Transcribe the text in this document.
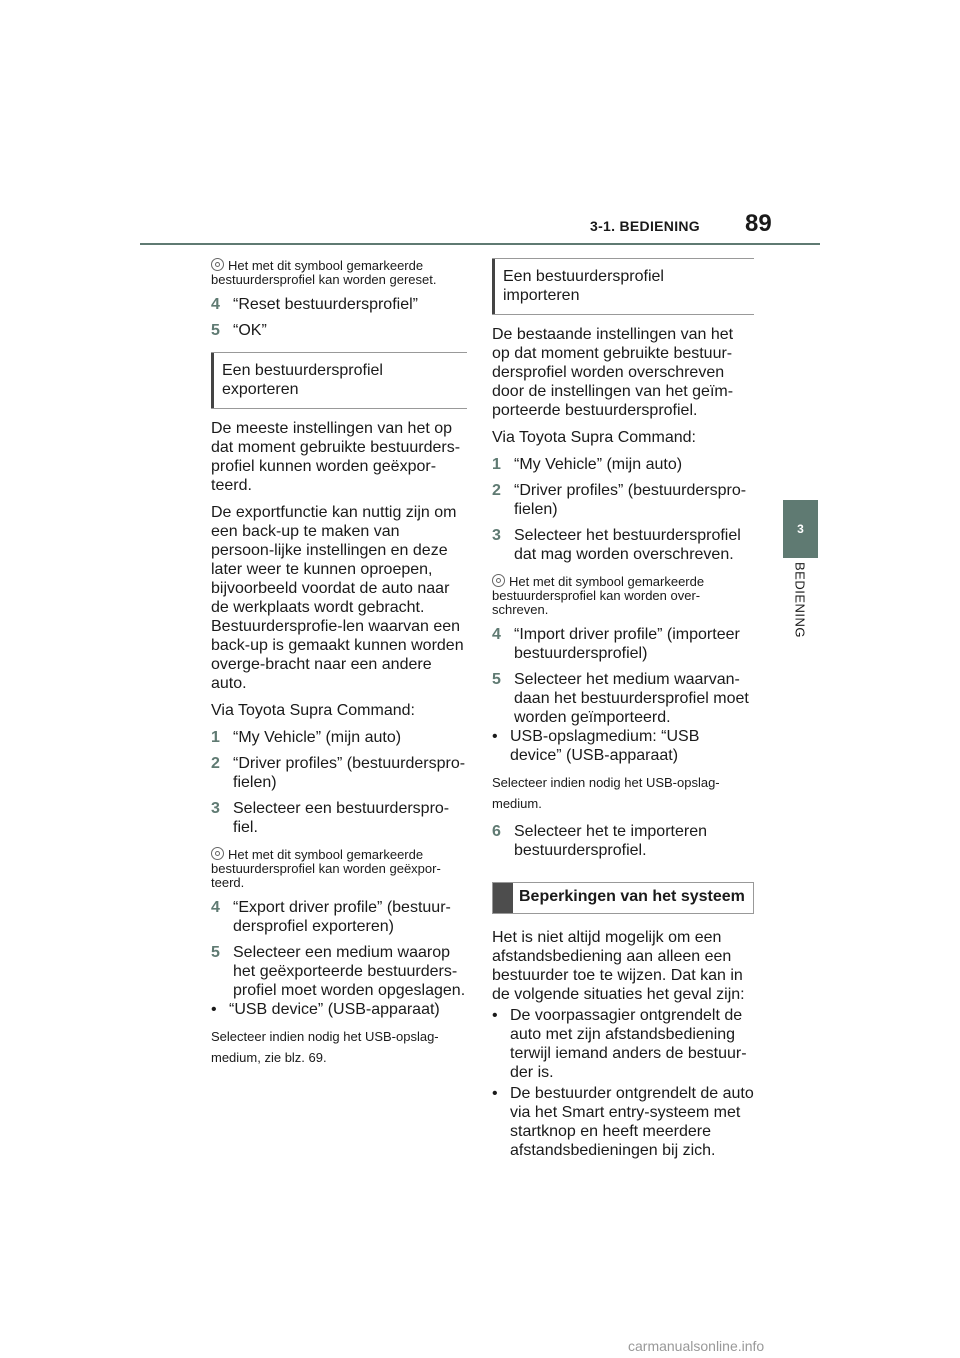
3-1. BEDIENING 89
3
BEDIENING

Het met dit symbool gemarkeerde bestuurdersprofiel kan worden gereset.

4 “Reset bestuurdersprofiel”
5 “OK”
Een bestuurdersprofiel exporteren

De meeste instellingen van het op dat moment gebruikte bestuurders-profiel kunnen worden geëxpor-teerd.

De exportfunctie kan nuttig zijn om een back-up te maken van persoon-lijke instellingen en deze later weer te kunnen oproepen, bijvoorbeeld voordat de auto naar de werkplaats wordt gebracht. Bestuurdersprofie-len waarvan een back-up is gemaakt kunnen worden overge-bracht naar een andere auto.

Via Toyota Supra Command:

1 “My Vehicle” (mijn auto)
2 “Driver profiles” (bestuurderspro-fielen)
3 Selecteer een bestuurderspro-fiel.

Het met dit symbool gemarkeerde bestuurdersprofiel kan worden geëxpor-teerd.

4 “Export driver profile” (bestuur-dersprofiel exporteren)
5 Selecteer een medium waarop het geëxporteerde bestuurders-profiel moet worden opgeslagen.
• “USB device” (USB-apparaat)

Selecteer indien nodig het USB-opslag-medium, zie blz. 69.

Een bestuurdersprofiel importeren

De bestaande instellingen van het op dat moment gebruikte bestuur-dersprofiel worden overschreven door de instellingen van het geïm-porteerde bestuurdersprofiel.

Via Toyota Supra Command:

1 “My Vehicle” (mijn auto)
2 “Driver profiles” (bestuurderspro-fielen)
3 Selecteer het bestuurdersprofiel dat mag worden overschreven.

Het met dit symbool gemarkeerde bestuurdersprofiel kan worden over-schreven.

4 “Import driver profile” (importeer bestuurdersprofiel)
5 Selecteer het medium waarvan-daan het bestuurdersprofiel moet worden geïmporteerd.
• USB-opslagmedium: “USB device” (USB-apparaat)

Selecteer indien nodig het USB-opslag-medium.

6 Selecteer het te importeren bestuurdersprofiel.
Beperkingen van het systeem

Het is niet altijd mogelijk om een afstandsbediening aan alleen een bestuurder toe te wijzen. Dat kan in de volgende situaties het geval zijn:

• De voorpassagier ontgrendelt de auto met zijn afstandsbediening terwijl iemand anders de bestuur-der is.
• De bestuurder ontgrendelt de auto via het Smart entry-systeem met startknop en heeft meerdere afstandsbedieningen bij zich.
carmanualsonline.info
